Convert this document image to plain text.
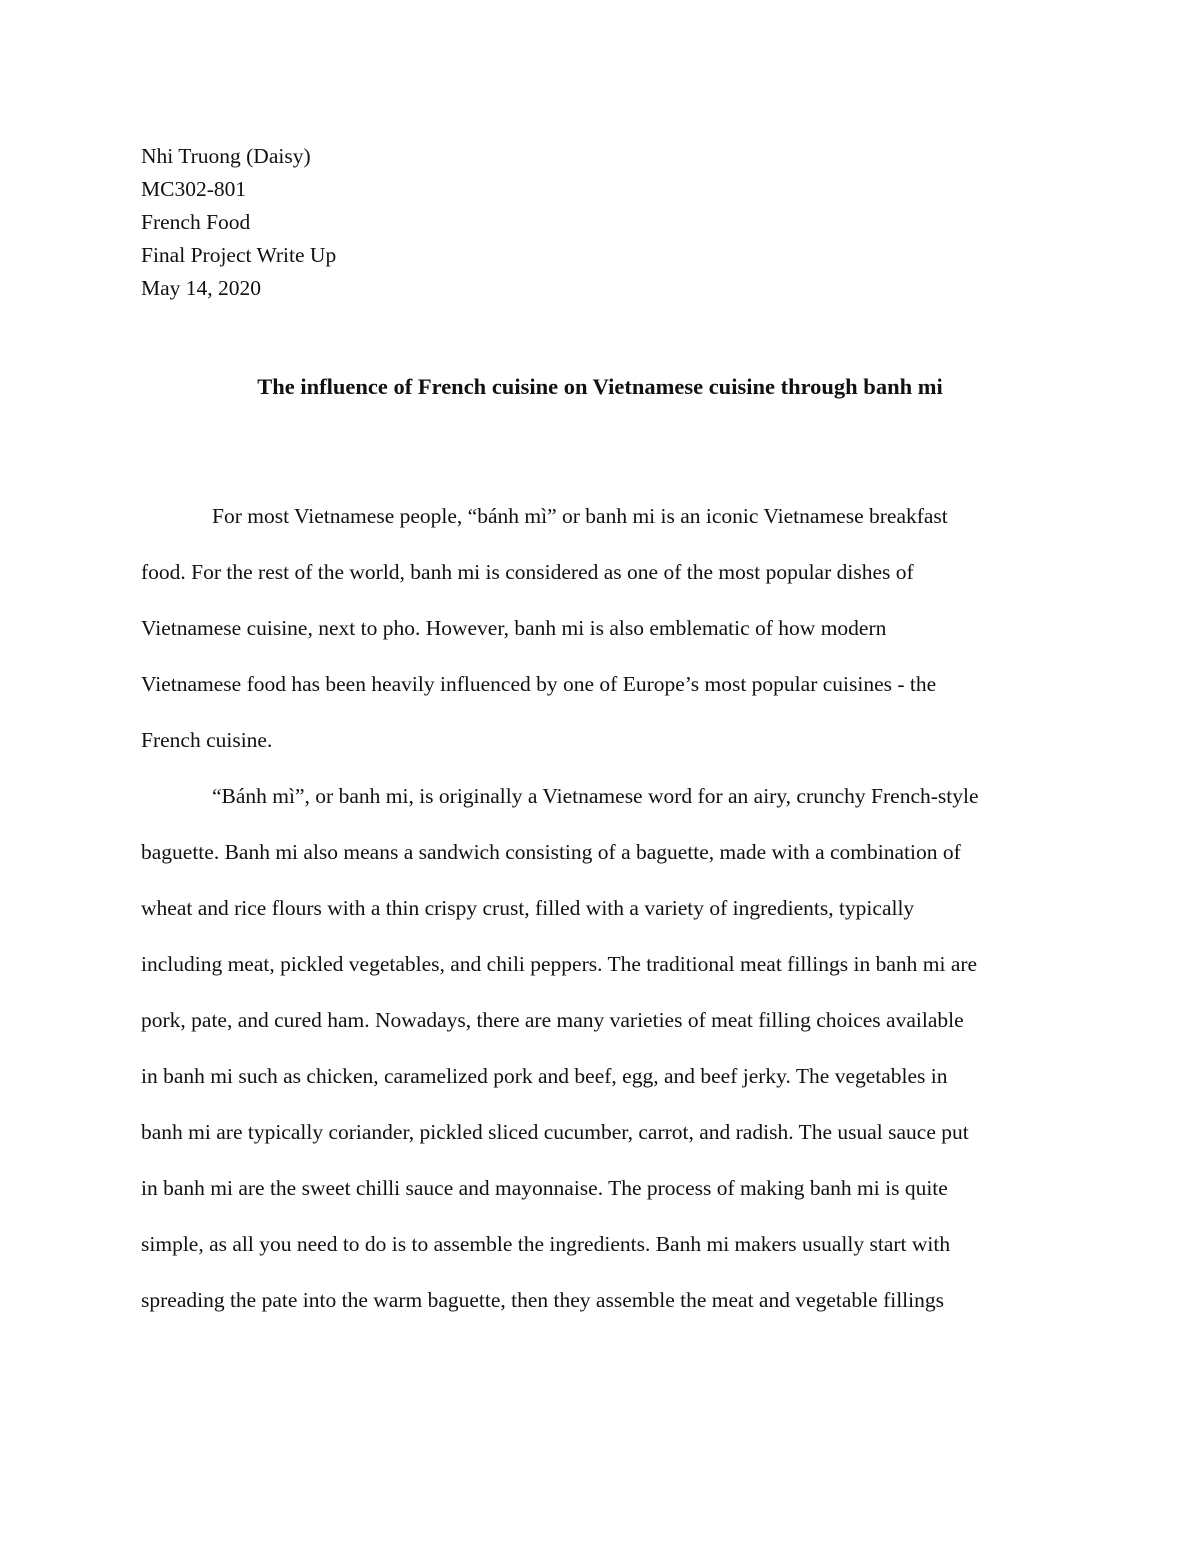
Nhi Truong (Daisy)
MC302-801
French Food
Final Project Write Up
May 14, 2020
The influence of French cuisine on Vietnamese cuisine through banh mi
For most Vietnamese people, “bánh mì” or banh mi is an iconic Vietnamese breakfast
food. For the rest of the world, banh mi is considered as one of the most popular dishes of
Vietnamese cuisine, next to pho. However, banh mi is also emblematic of how modern
Vietnamese food has been heavily influenced by one of Europe’s most popular cuisines - the
French cuisine.
“Bánh mì”, or banh mi, is originally a Vietnamese word for an airy, crunchy French-style
baguette. Banh mi also means a sandwich consisting of a baguette, made with a combination of
wheat and rice flours with a thin crispy crust, filled with a variety of ingredients, typically
including meat, pickled vegetables, and chili peppers. The traditional meat fillings in banh mi are
pork, pate, and cured ham. Nowadays, there are many varieties of meat filling choices available
in banh mi such as chicken, caramelized pork and beef, egg, and beef jerky. The vegetables in
banh mi are typically coriander, pickled sliced cucumber, carrot, and radish. The usual sauce put
in banh mi are the sweet chilli sauce and mayonnaise. The process of making banh mi is quite
simple, as all you need to do is to assemble the ingredients. Banh mi makers usually start with
spreading the pate into the warm baguette, then they assemble the meat and vegetable fillings
